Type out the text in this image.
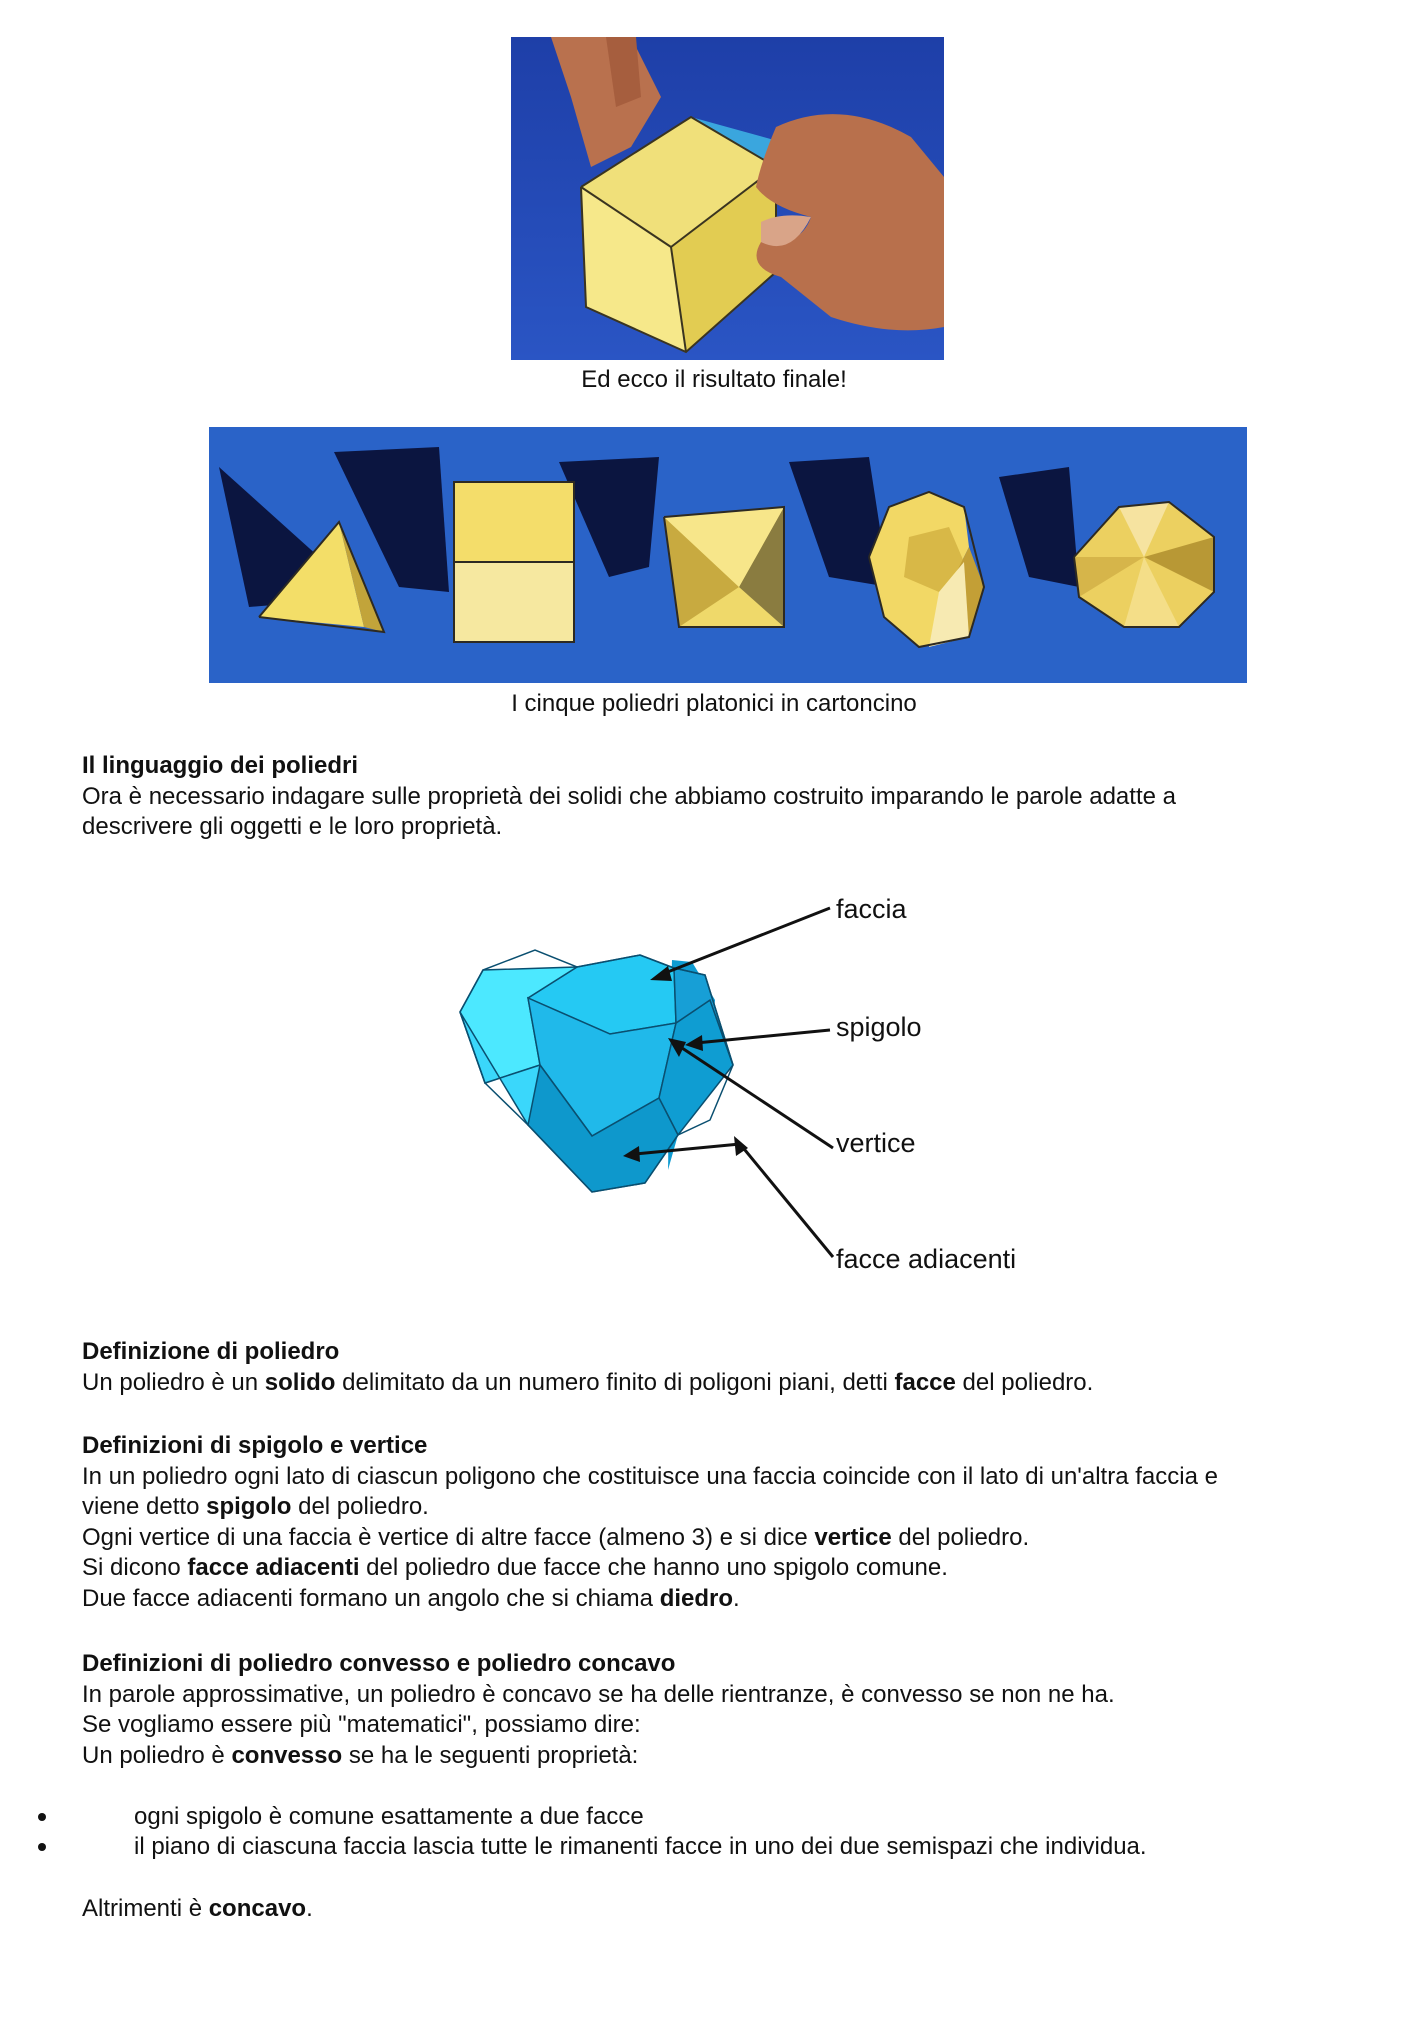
Ed ecco il risultato finale!
I cinque poliedri platonici in cartoncino

Il linguaggio dei poliedri

Ora è necessario indagare sulle proprietà dei solidi che abbiamo costruito imparando le parole adatte a

descrivere gli oggetti e le loro proprietà.

faccia
spigolo
vertice
facce adiacenti

Definizione di poliedro

Un poliedro è un solido delimitato da un numero finito di poligoni piani, detti facce del poliedro.

Definizioni di spigolo e vertice

In un poliedro ogni lato di ciascun poligono che costituisce una faccia coincide con il lato di un'altra faccia e

viene detto spigolo del poliedro.

Ogni vertice di una faccia è vertice di altre facce (almeno 3) e si dice vertice del poliedro.

Si dicono facce adiacenti del poliedro due facce che hanno uno spigolo comune.

Due facce adiacenti formano un angolo che si chiama diedro.

Definizioni di poliedro convesso e poliedro concavo

In parole approssimative, un poliedro è concavo se ha delle rientranze, è convesso se non ne ha.

Se vogliamo essere più "matematici", possiamo dire:

Un poliedro è convesso se ha le seguenti proprietà:

ogni spigolo è comune esattamente a due facce
il piano di ciascuna faccia lascia tutte le rimanenti facce in uno dei due semispazi che individua.

Altrimenti è concavo.
